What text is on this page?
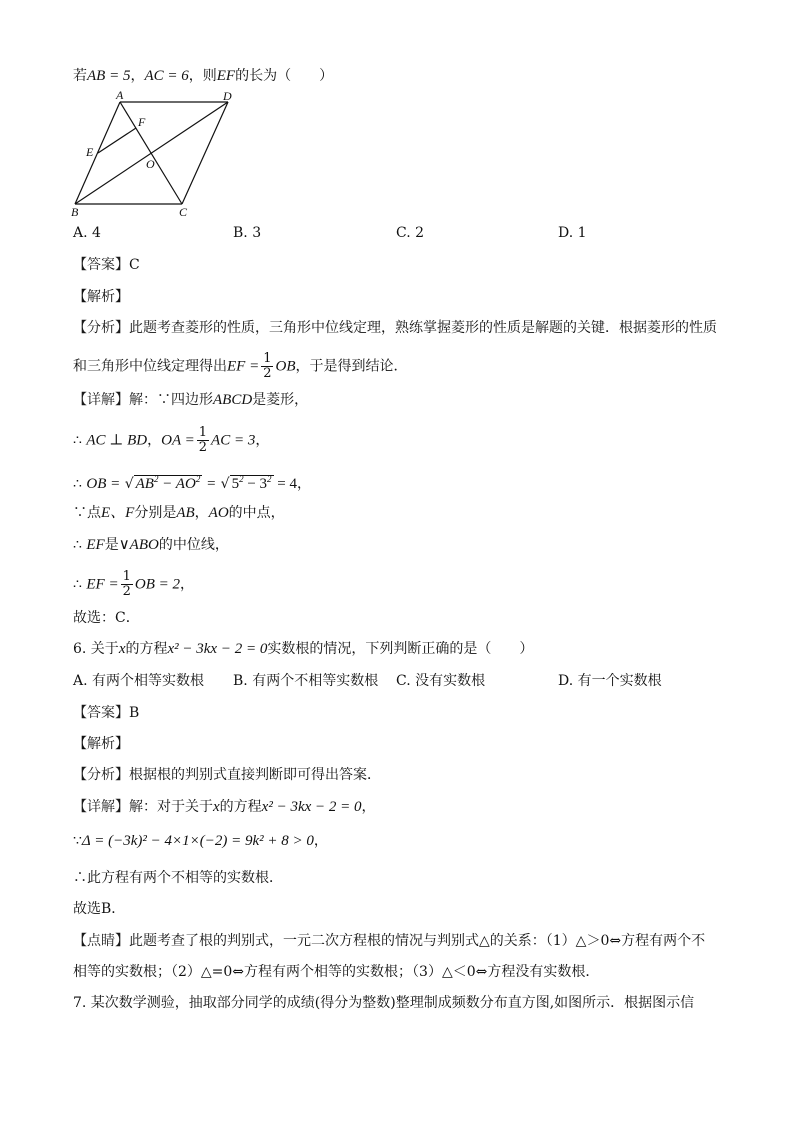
若AB = 5，AC = 6，则EF的长为（　　）
A	D
F
E
O
B	C
A. 4	B. 3	C. 2	D. 1
【答案】C
【解析】
【分析】此题考查菱形的性质，三角形中位线定理，熟练掌握菱形的性质是解题的关键．根据菱形的性质
和三角形中位线定理得出EF = $\frac{1}{2}$ OB，于是得到结论．
【详解】解：∵四边形ABCD是菱形，
∴ AC ⊥ BD，OA = $\frac{1}{2}$ AC = 3，
∴ OB = √ $AB^2 - AO^2$ = √ $5^2 - 3^2 = 4$，
∵点E、F分别是AB，AO的中点，
∴ EF是∨ABO的中位线，
∴ EF = $\frac{1}{2}$ OB = 2，
故选：C．
6. 关于x的方程x² − 3kx − 2 = 0实数根的情况，下列判断正确的是（　　）
A. 有两个相等实数根 B. 有两个不相等实数根 C. 没有实数根	D. 有一个实数根
【答案】B
【解析】
【分析】根据根的判别式直接判断即可得出答案．
【详解】解：对于关于x的方程x² − 3kx − 2 = 0，
∵Δ = (−3k)² − 4×1×(−2) = 9k² + 8 > 0，
∴此方程有两个不相等的实数根．
故选B．
【点睛】此题考查了根的判别式，一元二次方程根的情况与判别式△的关系：（1）△＞0⇔方程有两个不
相等的实数根；（2）△=0⇔方程有两个相等的实数根；（3）△＜0⇔方程没有实数根．
7. 某次数学测验，抽取部分同学的成绩(得分为整数)整理制成频数分布直方图,如图所示．根据图示信
